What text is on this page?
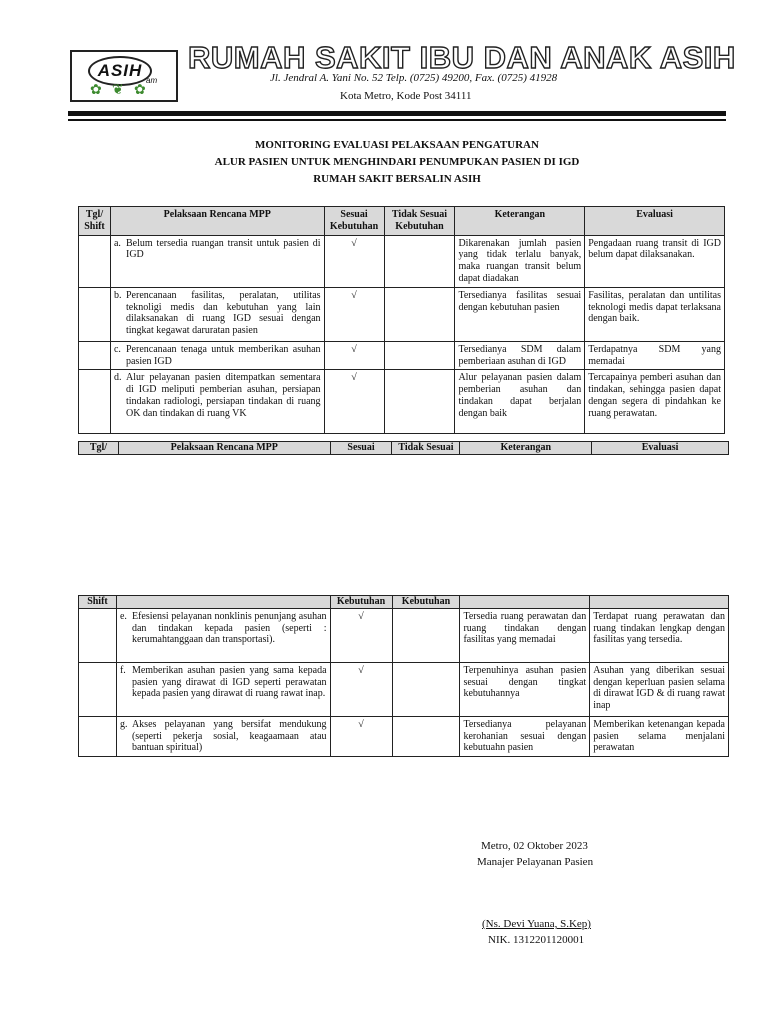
ASIH
am
✿ ❦ ✿
RUMAH SAKIT IBU DAN ANAK ASIH
Jl. Jendral A. Yani No. 52 Telp. (0725) 49200, Fax. (0725) 41928
Kota Metro, Kode Post 34111
MONITORING EVALUASI PELAKSAAN PENGATURAN
ALUR PASIEN UNTUK MENGHINDARI PENUMPUKAN PASIEN DI IGD
RUMAH SAKIT BERSALIN ASIH
Tgl/ Shift	Pelaksaan Rencana MPP	Sesuai Kebutuhan	Tidak Sesuai Kebutuhan	Keterangan	Evaluasi

	a. Belum tersedia ruangan transit untuk pasien di IGD	√		Dikarenakan jumlah pasien yang tidak terlalu banyak, maka ruangan transit belum dapat diadakan	Pengadaan ruang transit di IGD belum dapat dilaksanakan.

	b. Perencanaan fasilitas, peralatan, utilitas teknoligi medis dan kebutuhan yang lain dilaksanakan di ruang IGD sesuai dengan tingkat kegawat daruratan pasien	√		Tersedianya fasilitas sesuai dengan kebutuhan pasien	Fasilitas, peralatan dan untilitas teknologi medis dapat terlaksana dengan baik.

	c. Perencanaan tenaga untuk memberikan asuhan pasien IGD	√		Tersedianya SDM dalam pemberiaan asuhan di IGD	Terdapatnya SDM yang memadai

	d. Alur pelayanan pasien ditempatkan sementara di IGD meliputi pemberian asuhan, persiapan tindakan radiologi, persiapan tindakan di ruang OK dan tindakan di ruang VK	√		Alur pelayanan pasien dalam pemberian asuhan dan tindakan dapat berjalan dengan baik	Tercapainya pemberi asuhan dan tindakan, sehingga pasien dapat dengan segera di pindahkan ke ruang perawatan.
Tgl/	Pelaksaan Rencana MPP	Sesuai	Tidak Sesuai	Keterangan	Evaluasi
Shift		Kebutuhan	Kebutuhan		

	e. Efesiensi pelayanan nonklinis penunjang asuhan dan tindakan kepada pasien (seperti : kerumahtanggaan dan transportasi).	√		Tersedia ruang perawatan dan ruang tindakan dengan fasilitas yang memadai	Terdapat ruang perawatan dan ruang tindakan lengkap dengan fasilitas yang tersedia.

	f. Memberikan asuhan pasien yang sama kepada pasien yang dirawat di IGD seperti perawatan kepada pasien yang dirawat di ruang rawat inap.	√		Terpenuhinya asuhan pasien sesuai dengan tingkat kebutuhannya	Asuhan yang diberikan sesuai dengan keperluan pasien selama di dirawat IGD & di ruang rawat inap

	g. Akses pelayanan yang bersifat mendukung (seperti pekerja sosial, keagaamaan atau bantuan spiritual)	√		Tersedianya pelayanan kerohanian sesuai dengan kebutuahn pasien	Memberikan ketenangan kepada pasien selama menjalani perawatan
Metro, 02 Oktober 2023
Manajer Pelayanan Pasien
(Ns. Devi Yuana, S.Kep)
NIK. 1312201120001
